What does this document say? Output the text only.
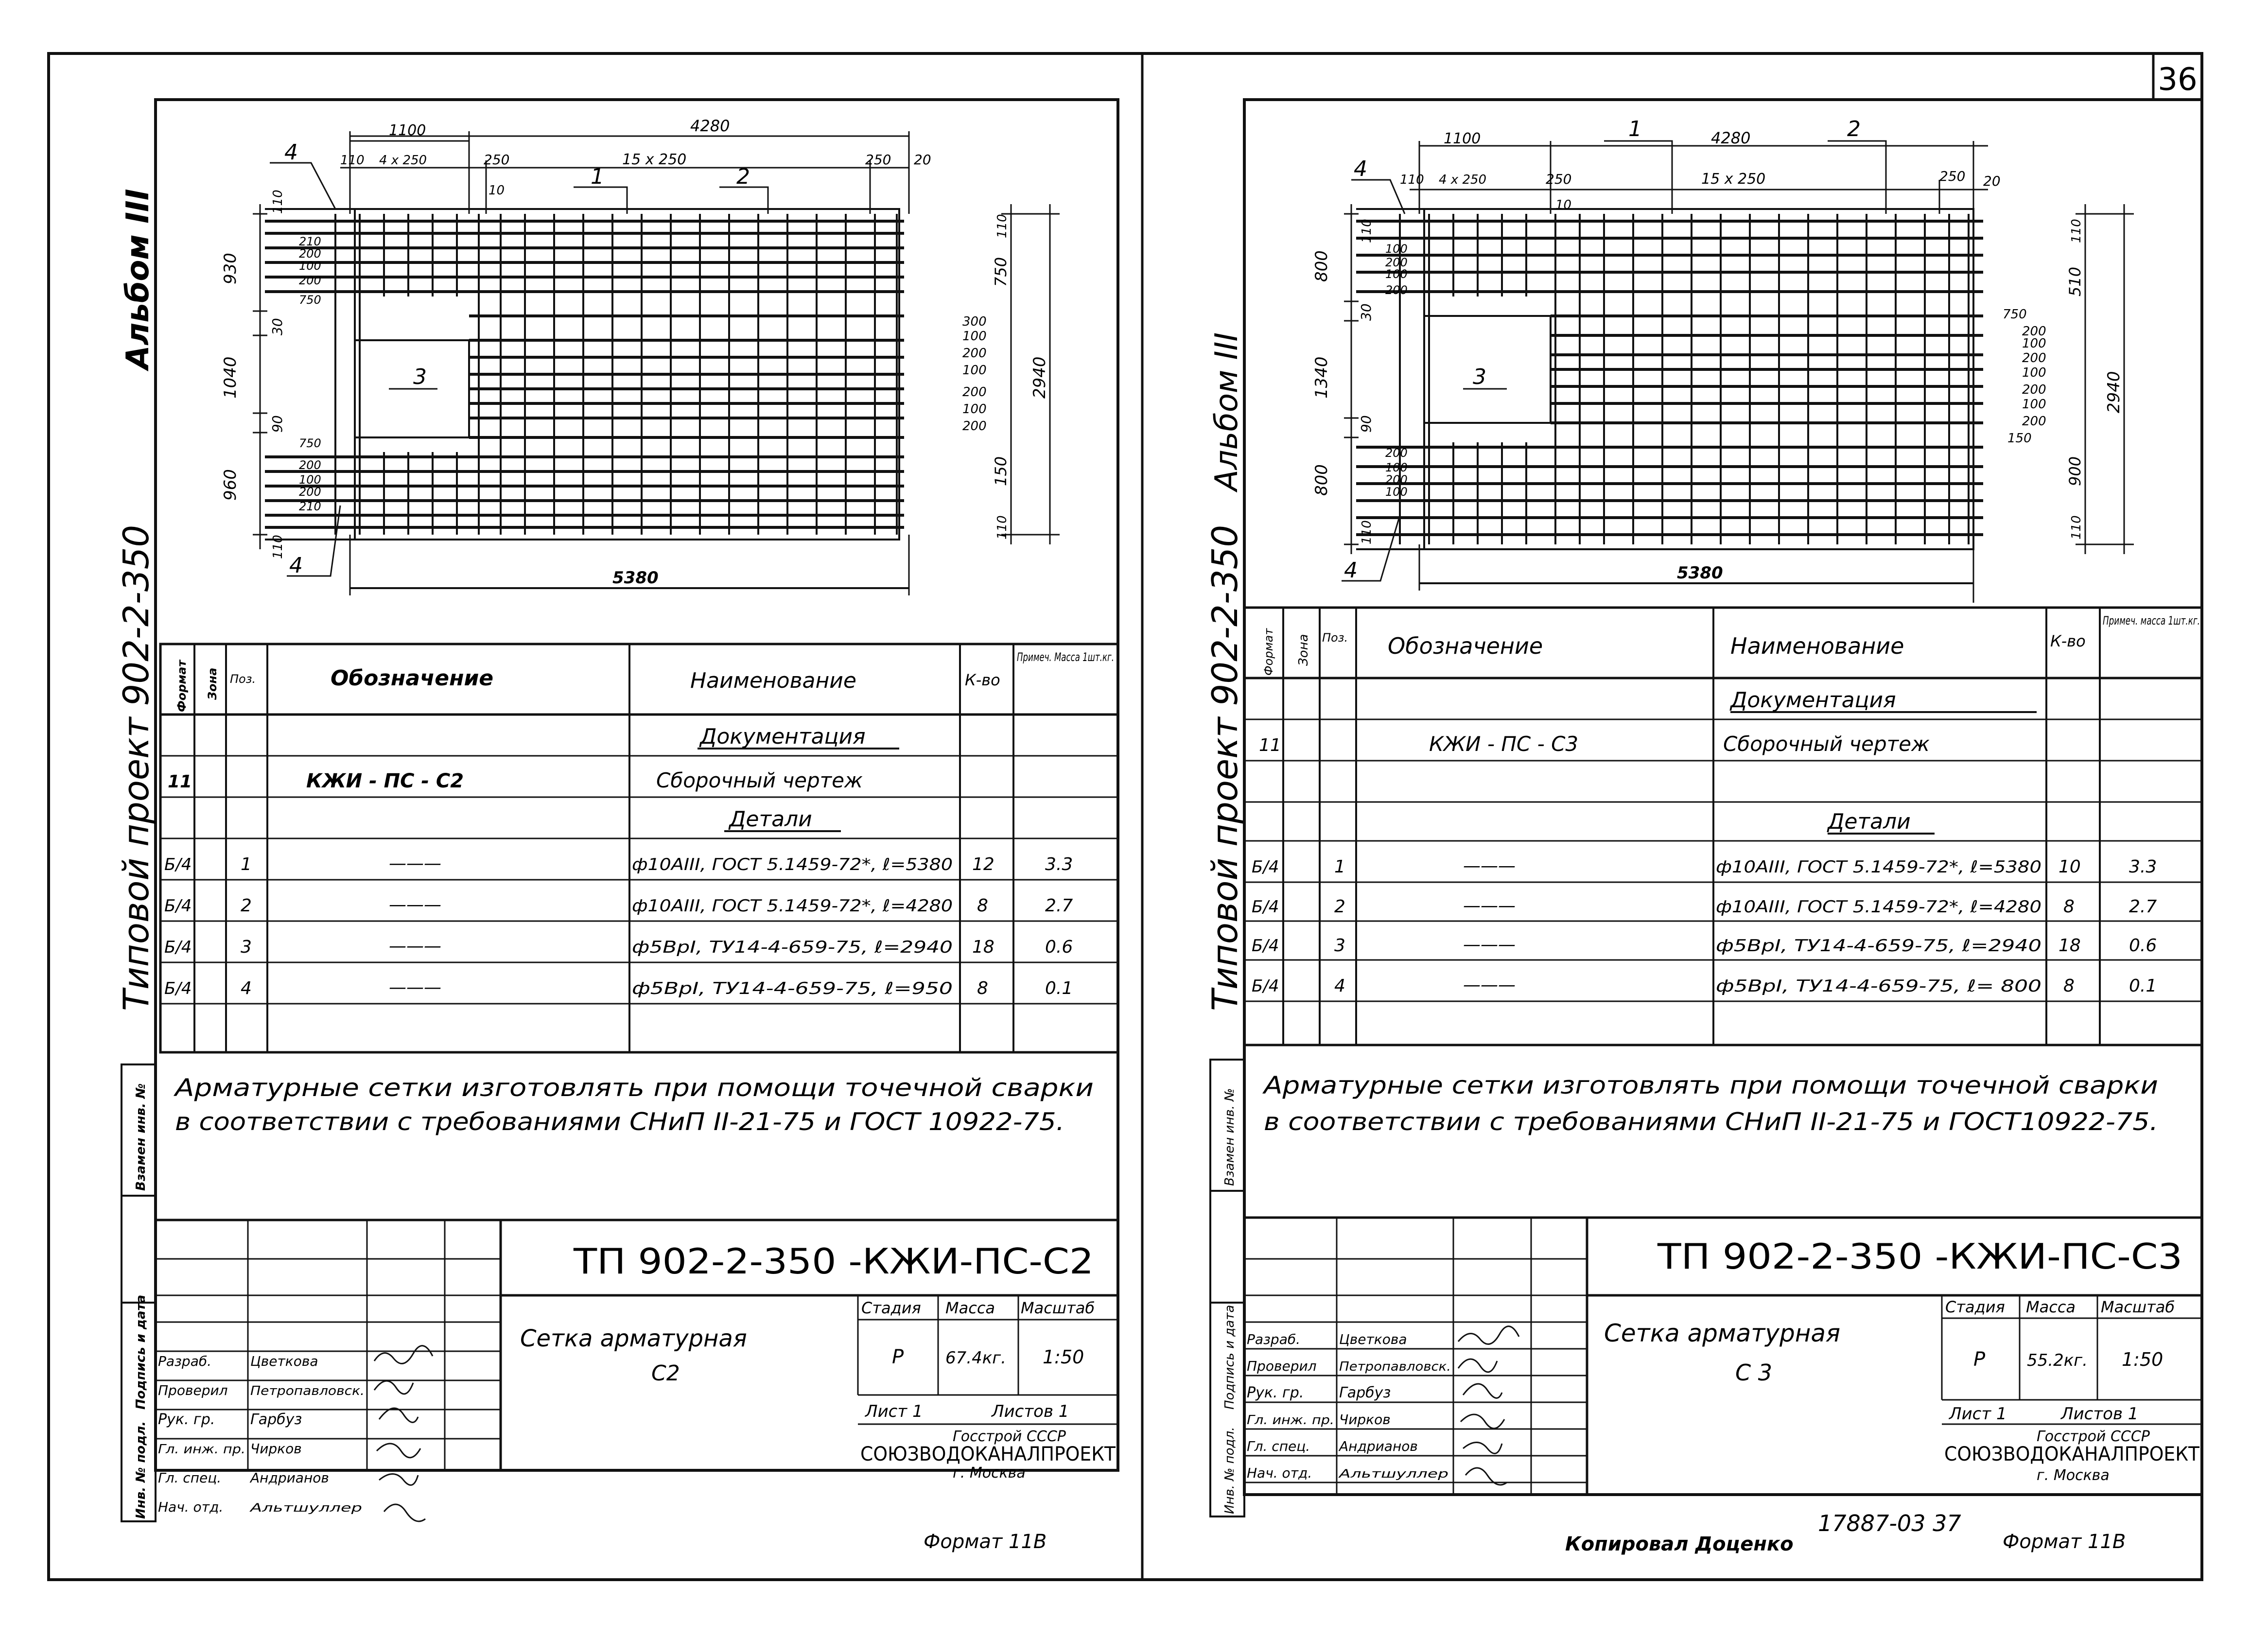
36
Альбом III
Типовой проект 902-2-350
1100	4280
110 4 x 250	250	15 x 250	250 20
10
930
30
1040
90
960
110
110
110
750
150
110
2940
300
100
200
100
200
100
200
210
200
100
200
750
750
200
100
200
210
5380
4
1	2
3
4
Формат Зона Поз.	Обозначение	Наименование	К-во
Примеч. Масса 1шт.кг.
Документация
11	КЖИ - ПС - С2	Сборочный чертеж
Детали
Б/4	1	———	ф10АIII, ГОСТ 5.1459-72*, ℓ=5380 12	3.3
Б/4	2	———	ф10АIII, ГОСТ 5.1459-72*, ℓ=4280 8	2.7
Б/4	3	———	ф5ВрI, ТУ14-4-659-75, ℓ=2940 18	0.6
Б/4	4	———	ф5ВрI, ТУ14-4-659-75, ℓ=950 8	0.1
Взамен инв. №
Подпись и дата
Инв. № подл.
Арматурные сетки изготовлять при помощи точечной сварки
в соответствии с требованиями СНиП II-21-75 и ГОСТ 10922-75.
ТП 902-2-350 -КЖИ-ПС-С2
Сетка арматурная
С2
Стадия Масса Масштаб
Р	67.4кг. 1:50
Лист 1	Листов 1
Госстрой СССР
СОЮЗВОДОКАНАЛПРОЕКТ
г. Москва
Разраб.	Цветкова
Проверил Петропавловск.
Рук. гр. Гарбуз
Гл. инж. пр. Чирков
Гл. спец. Андрианов
Нач. отд. Альтшуллер
Формат 11В
Альбом III
Типовой проект 902-2-350
1100	4280
110 4 x 250	250	15 x 250	250 20
10
800
30
1340
90
800
110
110
110
510
900
110
2940
750
200
100
200
100
200
100
200
150
100
200
100
200
200
100
200
100
5380
4
1	2
3
4
Формат Зона Поз. Обозначение	Наименование	К-во
Примеч. масса 1шт.кг.
Документация
11	КЖИ - ПС - С3	Сборочный чертеж
Детали
Б/4	1	———	ф10АIII, ГОСТ 5.1459-72*, ℓ=5380 10	3.3
Б/4	2	———	ф10АIII, ГОСТ 5.1459-72*, ℓ=4280 8	2.7
Б/4	3	———	ф5ВрI, ТУ14-4-659-75, ℓ=2940 18	0.6
Б/4	4	———	ф5ВрI, ТУ14-4-659-75, ℓ= 800 8	0.1
Взамен инв. №
Подпись и дата
Инв. № подл.
Арматурные сетки изготовлять при помощи точечной сварки
в соответствии с требованиями СНиП II-21-75 и ГОСТ10922-75.
ТП 902-2-350 -КЖИ-ПС-С3
Сетка арматурная
С 3
Стадия Масса Масштаб
Р	55.2кг. 1:50
Лист 1	Листов 1
Госстрой СССР
СОЮЗВОДОКАНАЛПРОЕКТ
г. Москва
Разраб.	Цветкова
Проверил Петропавловск.
Рук. гр. Гарбуз
Гл. инж. пр. Чирков
Гл. спец. Андрианов
Нач. отд. Альтшуллер
Формат 11В
Копировал Доценко
17887-03 37
